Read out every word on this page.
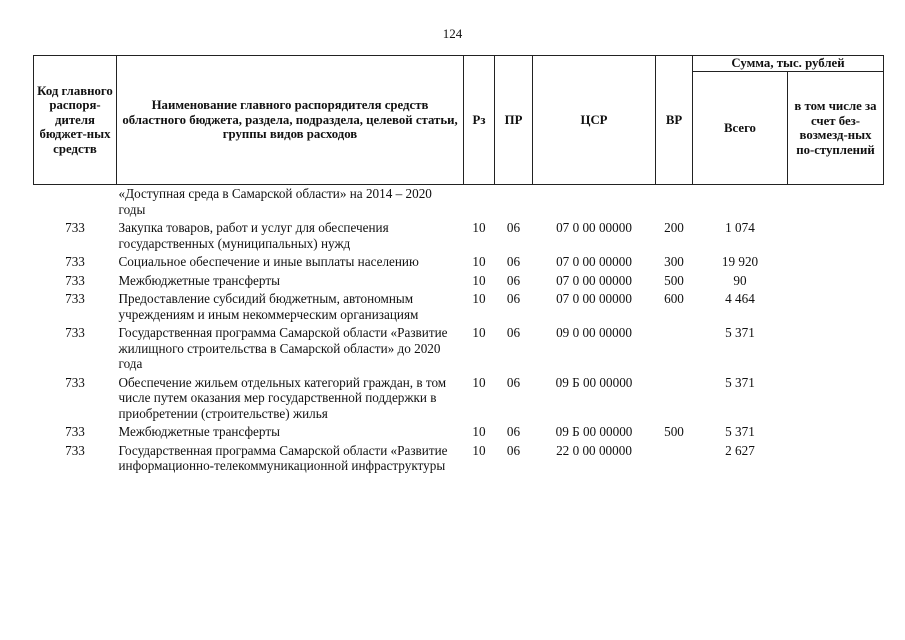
124
Код главного распоря-дителя бюджет-ных средств	Наименование главного распорядителя средств областного бюджета, раздела, подраздела, целевой статьи, группы видов расходов	Рз	ПР	ЦСР	ВР	Сумма, тыс. рублей	
						Всего	в том числе за счет без-возмезд-ных по-ступлений
	«Доступная среда в Самарской области» на 2014 – 2020 годы						
733	Закупка товаров, работ и услуг для обеспечения государственных (муниципальных) нужд	10	06	07 0 00 00000	200	1 074	
733	Социальное обеспечение и иные выплаты населению	10	06	07 0 00 00000	300	19 920	
733	Межбюджетные трансферты	10	06	07 0 00 00000	500	90	
733	Предоставление субсидий бюджетным, автономным учреждениям и иным некоммерческим организациям	10	06	07 0 00 00000	600	4 464	
733	Государственная программа Самарской области «Развитие жилищного строительства в Самарской области» до 2020 года	10	06	09 0 00 00000		5 371	
733	Обеспечение жильем отдельных категорий граждан, в том числе путем оказания мер государственной поддержки в приобретении (строительстве) жилья	10	06	09 Б 00 00000		5 371	
733	Межбюджетные трансферты	10	06	09 Б 00 00000	500	5 371	
733	Государственная программа Самарской области «Развитие информационно-телекоммуникационной инфраструктуры	10	06	22 0 00 00000		2 627	
